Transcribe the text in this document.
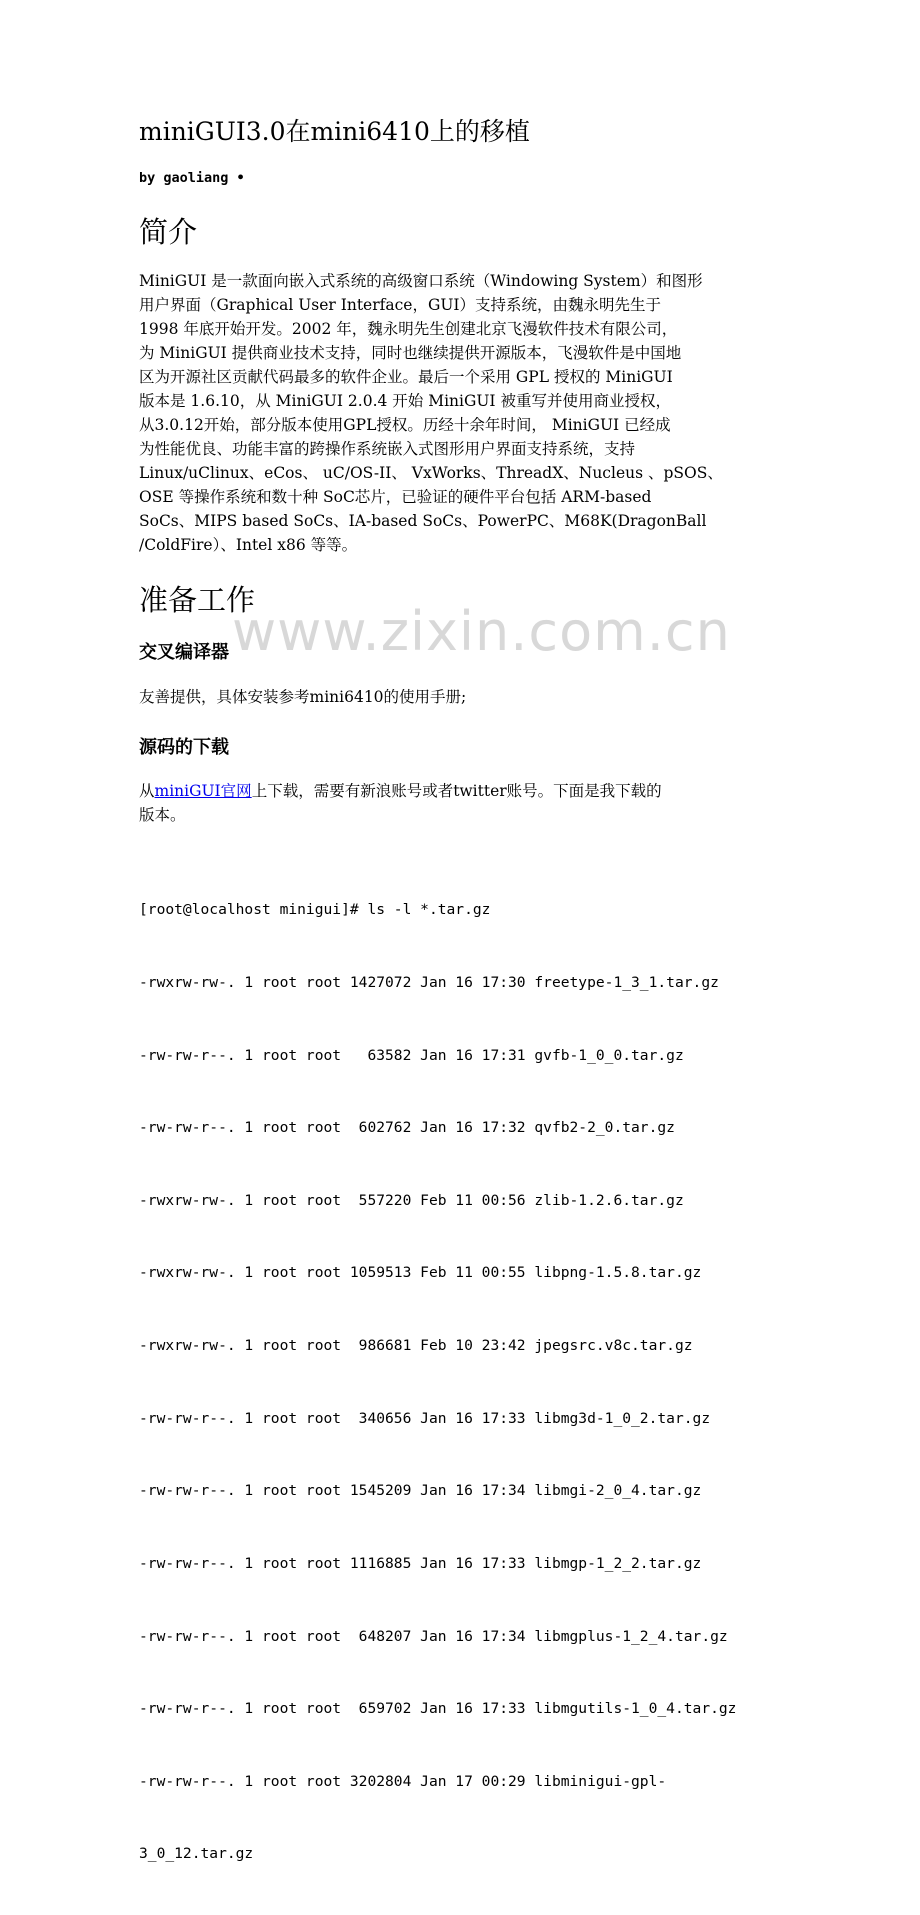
miniGUI3.0在mini6410上的移植

by gaoliang •

简介

MiniGUI 是一款面向嵌入式系统的高级窗口系统（Windowing System）和图形

用户界面（Graphical User Interface，GUI）支持系统，由魏永明先生于

1998 年底开始开发。2002 年，魏永明先生创建北京飞漫软件技术有限公司，

为 MiniGUI 提供商业技术支持，同时也继续提供开源版本，飞漫软件是中国地

区为开源社区贡献代码最多的软件企业。最后一个采用 GPL 授权的 MiniGUI

版本是 1.6.10，从 MiniGUI 2.0.4 开始 MiniGUI 被重写并使用商业授权，

从3.0.12开始，部分版本使用GPL授权。历经十余年时间， MiniGUI 已经成

为性能优良、功能丰富的跨操作系统嵌入式图形用户界面支持系统，支持

Linux/uClinux、eCos、 uC/OS-II、 VxWorks、ThreadX、Nucleus 、pSOS、

OSE 等操作系统和数十种 SoC芯片，已验证的硬件平台包括 ARM-based

SoCs、MIPS based SoCs、IA-based SoCs、PowerPC、M68K(DragonBall

/ColdFire）、Intel x86 等等。

准备工作
交叉编译器

友善提供，具体安装参考mini6410的使用手册;

源码的下载

从miniGUI官网上下载，需要有新浪账号或者twitter账号。下面是我下载的

版本。

[root@localhost minigui]# ls -l *.tar.gz

-rwxrw-rw-. 1 root root 1427072 Jan 16 17:30 freetype-1_3_1.tar.gz

-rw-rw-r--. 1 root root   63582 Jan 16 17:31 gvfb-1_0_0.tar.gz

-rw-rw-r--. 1 root root  602762 Jan 16 17:32 qvfb2-2_0.tar.gz

-rwxrw-rw-. 1 root root  557220 Feb 11 00:56 zlib-1.2.6.tar.gz

-rwxrw-rw-. 1 root root 1059513 Feb 11 00:55 libpng-1.5.8.tar.gz

-rwxrw-rw-. 1 root root  986681 Feb 10 23:42 jpegsrc.v8c.tar.gz

-rw-rw-r--. 1 root root  340656 Jan 16 17:33 libmg3d-1_0_2.tar.gz

-rw-rw-r--. 1 root root 1545209 Jan 16 17:34 libmgi-2_0_4.tar.gz

-rw-rw-r--. 1 root root 1116885 Jan 16 17:33 libmgp-1_2_2.tar.gz

-rw-rw-r--. 1 root root  648207 Jan 16 17:34 libmgplus-1_2_4.tar.gz

-rw-rw-r--. 1 root root  659702 Jan 16 17:33 libmgutils-1_0_4.tar.gz

-rw-rw-r--. 1 root root 3202804 Jan 17 00:29 libminigui-gpl-

3_0_12.tar.gz

www.zixin.com.cn
